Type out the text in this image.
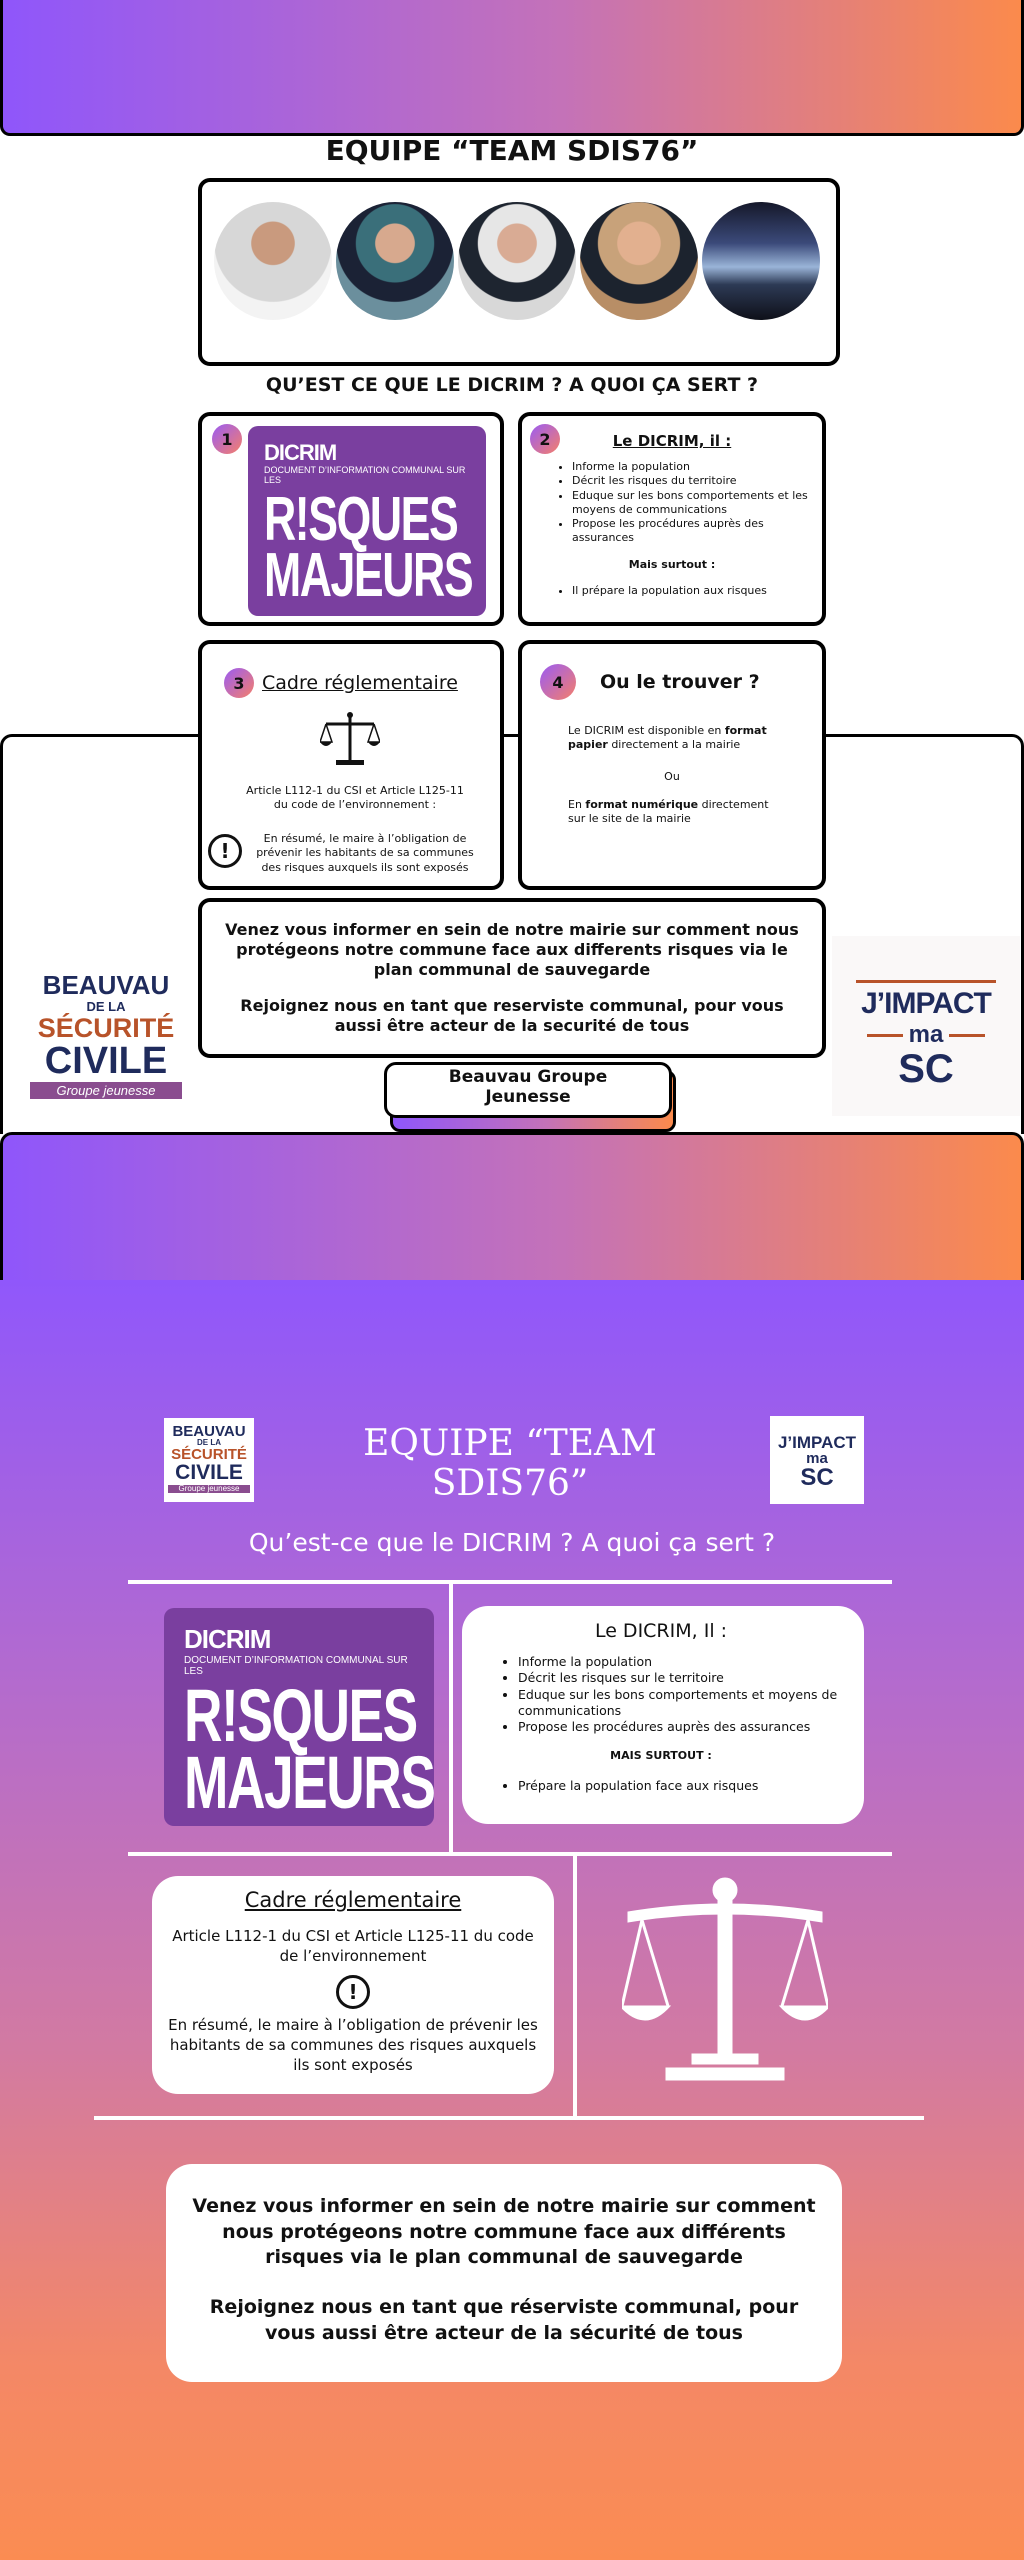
EQUIPE “TEAM SDIS76”
QU’EST CE QUE LE DICRIM ? A QUOI ÇA SERT ?
1
DICRIM
DOCUMENT D’INFORMATION COMMUNAL SUR LES
R!SQUES
MAJEURS
2	Le DICRIM, il :
• Informe la population
• Décrit les risques du territoire
• Eduque sur les bons comportements et les moyens de communications
• Propose les procédures auprès des assurances
Mais surtout :
• Il prépare la population aux risques
3 Cadre réglementaire
Article L112-1 du CSI et Article L125-11 du code de l’environnement :
!
En résumé, le maire à l’obligation de prévenir les habitants de sa communes des risques auxquels ils sont exposés
4	Ou le trouver ?
Le DICRIM est disponible en format papier directement a la mairie
Ou
En format numérique directement sur le site de la mairie
Venez vous informer en sein de notre mairie sur comment nous protégeons notre commune face aux differents risques via le plan communal de sauvegarde
Rejoignez nous en tant que reserviste communal, pour vous aussi être acteur de la securité de tous
BEAUVAU
DE LA
SÉCURITÉ
CIVILE
Groupe jeunesse
J’IMPACT
ma
SC
Beauvau Groupe Jeunesse
BEAUVAU
DE LA
SÉCURITÉ
CIVILE
Groupe jeunesse
EQUIPE “TEAM SDIS76”
J’IMPACT
ma
SC
Qu’est-ce que le DICRIM ? A quoi ça sert ?
DICRIM
DOCUMENT D’INFORMATION COMMUNAL SUR LES
R!SQUES
MAJEURS
Le DICRIM, Il :
• Informe la population
• Décrit les risques sur le territoire
• Eduque sur les bons comportements et moyens de communications
• Propose les procédures auprès des assurances
MAIS SURTOUT :
• Prépare la population face aux risques
Cadre réglementaire
Article L112-1 du CSI et Article L125-11 du code de l’environnement
!
En résumé, le maire à l’obligation de prévenir les habitants de sa communes des risques auxquels ils sont exposés
Venez vous informer en sein de notre mairie sur comment nous protégeons notre commune face aux différents risques via le plan communal de sauvegarde
Rejoignez nous en tant que réserviste communal, pour vous aussi être acteur de la sécurité de tous
